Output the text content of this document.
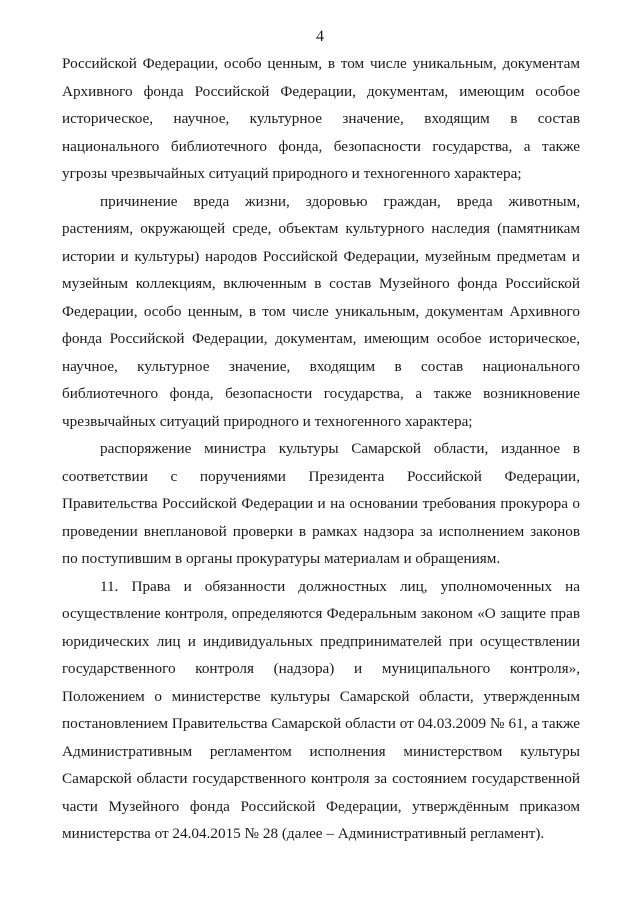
4

Российской Федерации, особо ценным, в том числе уникальным, документам Архивного фонда Российской Федерации, документам, имеющим особое историческое, научное, культурное значение, входящим в состав национального библиотечного фонда, безопасности государства, а также угрозы чрезвычайных ситуаций природного и техногенного характера;

причинение вреда жизни, здоровью граждан, вреда животным, растениям, окружающей среде, объектам культурного наследия (памятникам истории и культуры) народов Российской Федерации, музейным предметам и музейным коллекциям, включенным в состав Музейного фонда Российской Федерации, особо ценным, в том числе уникальным, документам Архивного фонда Российской Федерации, документам, имеющим особое историческое, научное, культурное значение, входящим в состав национального библиотечного фонда, безопасности государства, а также возникновение чрезвычайных ситуаций природного и техногенного характера;

распоряжение министра культуры Самарской области, изданное в соответствии с поручениями Президента Российской Федерации, Правительства Российской Федерации и на основании требования прокурора о проведении внеплановой проверки в рамках надзора за исполнением законов по поступившим в органы прокуратуры материалам и обращениям.

11. Права и обязанности должностных лиц, уполномоченных на осуществление контроля, определяются Федеральным законом «О защите прав юридических лиц и индивидуальных предпринимателей при осуществлении государственного контроля (надзора) и муниципального контроля», Положением о министерстве культуры Самарской области, утвержденным постановлением Правительства Самарской области от 04.03.2009 № 61, а также Административным регламентом исполнения министерством культуры Самарской области государственного контроля за состоянием государственной части Музейного фонда Российской Федерации, утверждённым приказом министерства от 24.04.2015 № 28 (далее – Административный регламент).
